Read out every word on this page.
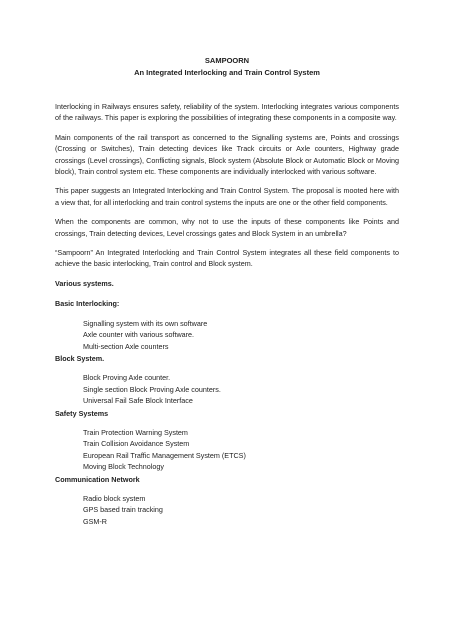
SAMPOORN
An Integrated Interlocking and Train Control System

Interlocking in Railways ensures safety, reliability of the system. Interlocking integrates various components of the railways. This paper is exploring the possibilities of integrating these components in a composite way.

Main components of the rail transport as concerned to the Signalling systems are, Points and crossings (Crossing or Switches), Train detecting devices like Track circuits or Axle counters, Highway grade crossings (Level crossings), Conflicting signals, Block system (Absolute Block or Automatic Block or Moving block), Train control system etc. These components are individually interlocked with various software.

This paper suggests an Integrated Interlocking and Train Control System. The proposal is mooted here with a view that, for all interlocking and train control systems the inputs are one or the other field components.

When the components are common, why not to use the inputs of these components like Points and crossings, Train detecting devices, Level crossings gates and Block System in an umbrella?

“Sampoorn” An Integrated Interlocking and Train Control System integrates all these field components to achieve the basic interlocking, Train control and Block system.

Various systems.
Basic Interlocking:
Signalling system with its own software
Axle counter with various software.
Multi-section Axle counters
Block System.
Block Proving Axle counter.
Single section Block Proving Axle counters.
Universal Fail Safe Block Interface
Safety Systems
Train Protection Warning System
Train Collision Avoidance System
European Rail Traffic Management System (ETCS)
Moving Block Technology
Communication Network
Radio block system
GPS based train tracking
GSM-R
